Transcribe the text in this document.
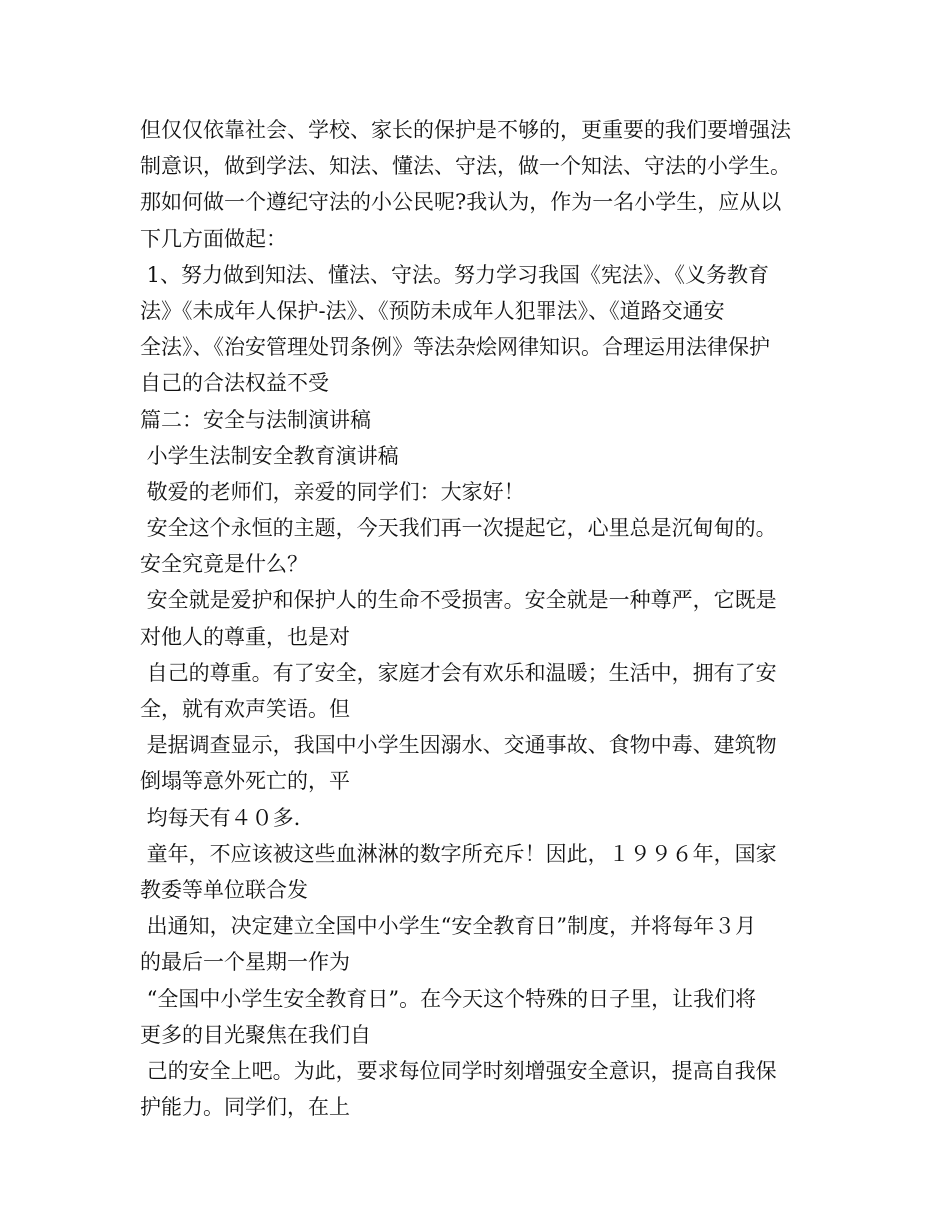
但仅仅依靠社会、学校、家长的保护是不够的，更重要的我们要增强法
制意识，做到学法、知法、懂法、守法，做一个知法、守法的小学生。
那如何做一个遵纪守法的小公民呢?我认为，作为一名小学生，应从以
下几方面做起：
1、努力做到知法、懂法、守法。努力学习我国《宪法》、《义务教育
法》《未成年人保护-法》、《预防未成年人犯罪法》、《道路交通安
全法》、《治安管理处罚条例》等法杂烩网律知识。合理运用法律保护
自己的合法权益不受
篇二：安全与法制演讲稿
小学生法制安全教育演讲稿
敬爱的老师们，亲爱的同学们：大家好！
安全这个永恒的主题，今天我们再一次提起它，心里总是沉甸甸的。
安全究竟是什么？
安全就是爱护和保护人的生命不受损害。安全就是一种尊严，它既是
对他人的尊重，也是对
自己的尊重。有了安全，家庭才会有欢乐和温暖；生活中，拥有了安
全，就有欢声笑语。但
是据调查显示，我国中小学生因溺水、交通事故、食物中毒、建筑物
倒塌等意外死亡的，平
均每天有４０多.
童年，不应该被这些血淋淋的数字所充斥！因此，１９９６年，国家
教委等单位联合发
出通知，决定建立全国中小学生“安全教育日”制度，并将每年３月
的最后一个星期一作为
“全国中小学生安全教育日”。在今天这个特殊的日子里，让我们将
更多的目光聚焦在我们自
己的安全上吧。为此，要求每位同学时刻增强安全意识，提高自我保
护能力。同学们，在上
